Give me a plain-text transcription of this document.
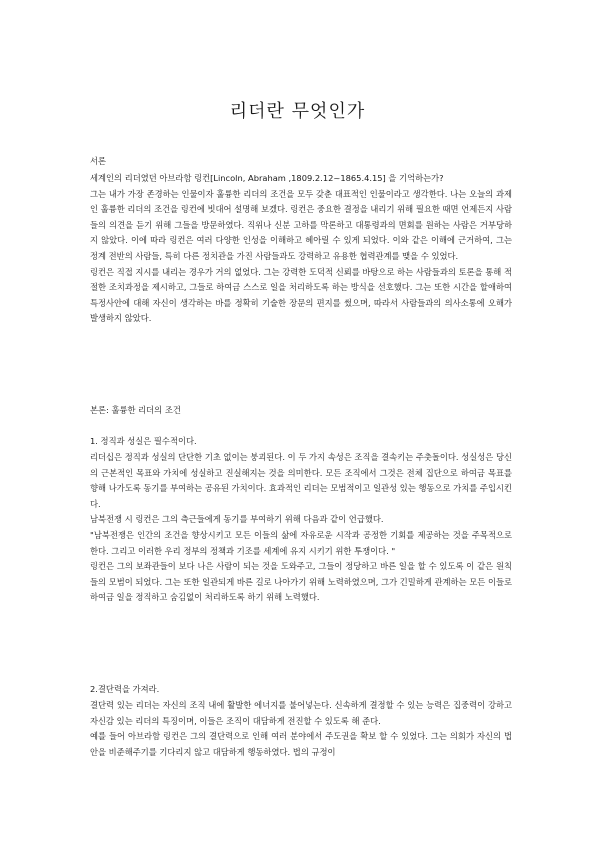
리더란 무엇인가
서론

세계인의 리더였던 아브라함 링컨[Lincoln, Abraham ,1809.2.12~1865.4.15] 을 기억하는가?

그는 내가 가장 존경하는 인물이자 훌륭한 리더의 조건을 모두 갖춘 대표적인 인물이라고 생각한다. 나는 오늘의 과제인 훌륭한 리더의 조건을 링컨에 빗대어 설명해 보겠다. 링컨은 중요한 결정을 내리기 위해 필요한 때면 언제든지 사람들의 의견을 듣기 위해 그들을 방문하였다. 직위나 신분 고하를 막론하고 대통령과의 면회를 원하는 사람은 거부당하지 않았다. 이에 따라 링컨은 여러 다양한 인성을 이해하고 헤아릴 수 있게 되었다. 이와 같은 이해에 근거하여, 그는 정계 전반의 사람들, 특히 다른 정치관을 가진 사람들과도 강력하고 유용한 협력관계를 맺을 수 있었다.

링컨은 직접 지시를 내리는 경우가 거의 없었다. 그는 강력한 도덕적 신뢰를 바탕으로 하는 사람들과의 토론을 통해 적절한 조치과정을 제시하고, 그들로 하여금 스스로 일을 처리하도록 하는 방식을 선호했다. 그는 또한 시간을 할애하여 특정사안에 대해 자신이 생각하는 바를 정확히 기술한 장문의 편지를 썼으며, 따라서 사람들과의 의사소통에 오해가 발생하지 않았다.

본론: 훌륭한 리더의 조건
1. 정직과 성실은 필수적이다.

리더십은 정직과 성실의 단단한 기초 없이는 붕괴된다. 이 두 가지 속성은 조직을 결속키는 주춧돌이다. 성실성은 당신의 근본적인 목표와 가치에 성실하고 진실해지는 것을 의미한다. 모든 조직에서 그것은 전체 집단으로 하여금 목표를 향해 나가도록 동기를 부여하는 공유된 가치이다. 효과적인 리더는 모범적이고 일관성 있는 행동으로 가치를 주입시킨다.

남북전쟁 시 링컨은 그의 측근들에게 동기를 부여하기 위해 다음과 같이 언급했다.

"남북전쟁은 인간의 조건을 향상시키고 모든 이들의 삶에 자유로운 시작과 공정한 기회를 제공하는 것을 주목적으로 한다. 그리고 이러한 우리 정부의 정책과 기조를 세계에 유지 시키기 위한 투쟁이다. "

링컨은 그의 보좌관들이 보다 나은 사람이 되는 것을 도와주고, 그들이 정당하고 바른 일을 할 수 있도록 이 같은 원칙들의 모범이 되었다. 그는 또한 일관되게 바른 길로 나아가기 위해 노력하였으며, 그가 긴밀하게 관계하는 모든 이들로 하여금 일을 정직하고 숨김없이 처리하도록 하기 위해 노력했다.

2.결단력을 가져라.

결단력 있는 리더는 자신의 조직 내에 활발한 에너지를 불어넣는다. 신속하게 결정할 수 있는 능력은 집중력이 강하고 자신감 있는 리더의 특징이며, 이들은 조직이 대담하게 전진할 수 있도록 해 준다.

예를 들어 아브라함 링컨은 그의 결단력으로 인해 여러 분야에서 주도권을 확보 할 수 있었다. 그는 의회가 자신의 법안을 비준해주기를 기다리지 않고 대담하게 행동하였다. 법의 규정이
